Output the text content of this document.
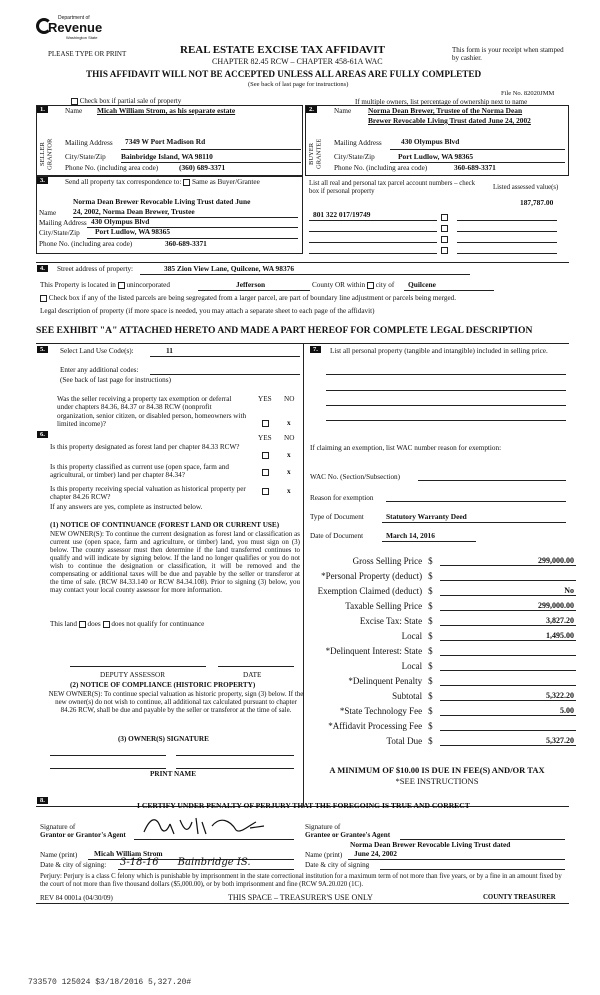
Department of
Revenue
Washington State
PLEASE TYPE OR PRINT	REAL ESTATE EXCISE TAX AFFIDAVIT
CHAPTER 82.45 RCW – CHAPTER 458-61A WAC
This form is your receipt when stamped by cashier.
THIS AFFIDAVIT WILL NOT BE ACCEPTED UNLESS ALL AREAS ARE FULLY COMPLETED
(See back of last page for instructions)
File No. 82020JMM
Check box if partial sale of property	If multiple owners, list percentage of ownership next to name
1.
SELLER GRANTOR
Name Micah William Strom, as his separate estate
Mailing Address 7349 W Port Madison Rd
City/State/Zip Bainbridge Island, WA 98110
Phone No. (including area code)	(360) 689-3371
2.
BUYER GRANTEE
Name Norma Dean Brewer, Trustee of the Norma Dean
Brewer Revocable Living Trust dated June 24, 2002
Mailing Address	430 Olympus Blvd
City/State/Zip	Port Ludlow, WA 98365
Phone No. (including area code)	360-689-3371
3.	Send all property tax correspondence to: Same as Buyer/Grantee
Norma Dean Brewer Revocable Living Trust dated June
Name 24, 2002, Norma Dean Brewer, Trustee
Mailing Address 430 Olympus Blvd
City/State/Zip Port Ludlow, WA 98365
Phone No. (including area code)	360-689-3371
List all real and personal tax parcel account numbers – check box if personal property
Listed assessed value(s)
187,787.00
801 322 017/19749
4.	Street address of property:	385 Zion View Lane, Quilcene, WA 98376
This Property is located in unincorporated	Jefferson	County OR within city of Quilcene
Check box if any of the listed parcels are being segregated from a larger parcel, are part of boundary line adjustment or parcels being merged.
Legal description of property (if more space is needed, you may attach a separate sheet to each page of the affidavit)
SEE EXHIBIT "A" ATTACHED HERETO AND MADE A PART HEREOF FOR COMPLETE LEGAL DESCRIPTION
5.	Select Land Use Code(s):	11
Enter any additional codes:
(See back of last page for instructions)
Was the seller receiving a property tax exemption or deferral under chapters 84.36, 84.37 or 84.38 RCW (nonprofit organization, senior citizen, or disabled person, homeowners with limited income)?
YES NO
x
6.	YES NO
Is this property designated as forest land per chapter 84.33 RCW?
x
Is this property classified as current use (open space, farm and agricultural, or timber) land per chapter 84.34?	x
Is this property receiving special valuation as historical property per chapter 84.26 RCW?
x
If any answers are yes, complete as instructed below.
(1) NOTICE OF CONTINUANCE (FOREST LAND OR CURRENT USE)
NEW OWNER(S): To continue the current designation as forest land or classification as current use (open space, farm and agriculture, or timber) land, you must sign on (3) below. The county assessor must then determine if the land transferred continues to qualify and will indicate by signing below. If the land no longer qualifies or you do not wish to continue the designation or classification, it will be removed and the compensating or additional taxes will be due and payable by the seller or transferor at the time of sale. (RCW 84.33.140 or RCW 84.34.108). Prior to signing (3) below, you may contact your local county assessor for more information.
This land does does not qualify for continuance
DEPUTY ASSESSOR	DATE
(2) NOTICE OF COMPLIANCE (HISTORIC PROPERTY)
NEW OWNER(S): To continue special valuation as historic property, sign (3) below. If the new owner(s) do not wish to continue, all additional tax calculated pursuant to chapter 84.26 RCW, shall be due and payable by the seller or transferor at the time of sale.
(3) OWNER(S) SIGNATURE
PRINT NAME
7.	List all personal property (tangible and intangible) included in selling price.
If claiming an exemption, list WAC number reason for exemption:
WAC No. (Section/Subsection)
Reason for exemption
Type of Document	Statutory Warranty Deed
Date of Document	March 14, 2016
Gross Selling Price $	299,000.00
*Personal Property (deduct) $
Exemption Claimed (deduct) $	No
Taxable Selling Price $	299,000.00
Excise Tax: State $	3,827.20
Local $	1,495.00
*Delinquent Interest: State $
Local $
*Delinquent Penalty $
Subtotal $	5,322.20
*State Technology Fee $	5.00
*Affidavit Processing Fee $
Total Due $	5,327.20
A MINIMUM OF $10.00 IS DUE IN FEE(S) AND/OR TAX
*SEE INSTRUCTIONS
8.
I CERTIFY UNDER PENALTY OF PERJURY THAT THE FOREGOING IS TRUE AND CORRECT
Signature of
Grantor or Grantor's Agent
Signature of
Grantee or Grantee's Agent
Norma Dean Brewer Revocable Living Trust dated
Name (print) Micah William Strom	Name (print) June 24, 2002
Date & city of signing: 3-18-16      Bainbridge IS.	Date & city of signing
Perjury: Perjury is a class C felony which is punishable by imprisonment in the state correctional institution for a maximum term of not more than five years, or by a fine in an amount fixed by the court of not more than five thousand dollars ($5,000.00), or by both imprisonment and fine (RCW 9A.20.020 (1C).
REV 84 0001a (04/30/09)	THIS SPACE – TREASURER'S USE ONLY	COUNTY TREASURER
733570 125024 $3/18/2016 5,327.20#
